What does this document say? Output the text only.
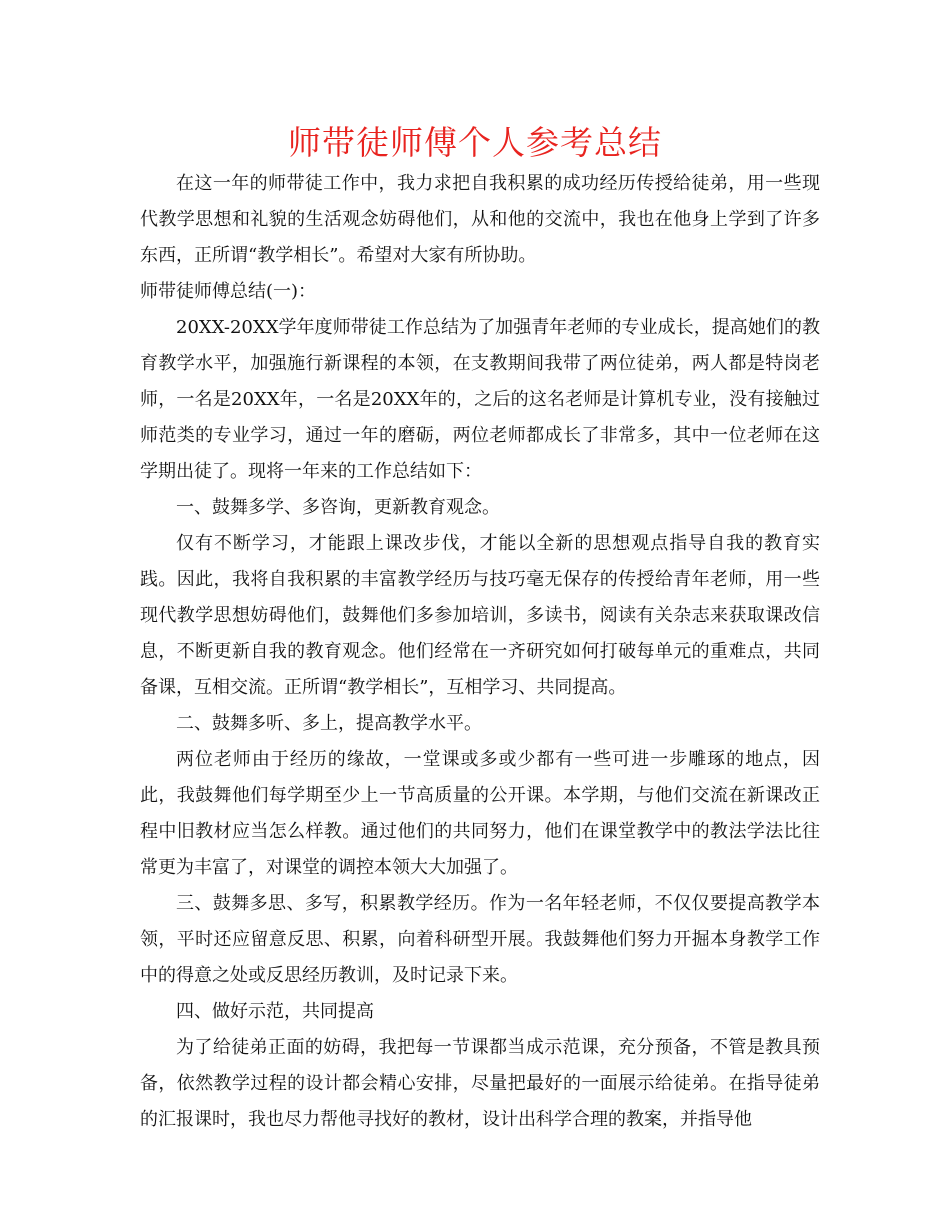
师带徒师傅个人参考总结

在这一年的师带徒工作中，我力求把自我积累的成功经历传授给徒弟，用一些现代教学思想和礼貌的生活观念妨碍他们，从和他的交流中，我也在他身上学到了许多东西，正所谓“教学相长”。希望对大家有所协助。

师带徒师傅总结(一)：

20XX-20XX学年度师带徒工作总结为了加强青年老师的专业成长，提高她们的教育教学水平，加强施行新课程的本领，在支教期间我带了两位徒弟，两人都是特岗老师，一名是20XX年，一名是20XX年的，之后的这名老师是计算机专业，没有接触过师范类的专业学习，通过一年的磨砺，两位老师都成长了非常多，其中一位老师在这学期出徒了。现将一年来的工作总结如下：

一、鼓舞多学、多咨询，更新教育观念。

仅有不断学习，才能跟上课改步伐，才能以全新的思想观点指导自我的教育实践。因此，我将自我积累的丰富教学经历与技巧毫无保存的传授给青年老师，用一些现代教学思想妨碍他们，鼓舞他们多参加培训，多读书，阅读有关杂志来获取课改信息，不断更新自我的教育观念。他们经常在一齐研究如何打破每单元的重难点，共同备课，互相交流。正所谓“教学相长”，互相学习、共同提高。

二、鼓舞多听、多上，提高教学水平。

两位老师由于经历的缘故，一堂课或多或少都有一些可进一步雕琢的地点，因此，我鼓舞他们每学期至少上一节高质量的公开课。本学期，与他们交流在新课改正程中旧教材应当怎么样教。通过他们的共同努力，他们在课堂教学中的教法学法比往常更为丰富了，对课堂的调控本领大大加强了。

三、鼓舞多思、多写，积累教学经历。作为一名年轻老师，不仅仅要提高教学本领，平时还应留意反思、积累，向着科研型开展。我鼓舞他们努力开掘本身教学工作中的得意之处或反思经历教训，及时记录下来。

四、做好示范，共同提高

为了给徒弟正面的妨碍，我把每一节课都当成示范课，充分预备，不管是教具预备，依然教学过程的设计都会精心安排，尽量把最好的一面展示给徒弟。在指导徒弟的汇报课时，我也尽力帮他寻找好的教材，设计出科学合理的教案，并指导他
